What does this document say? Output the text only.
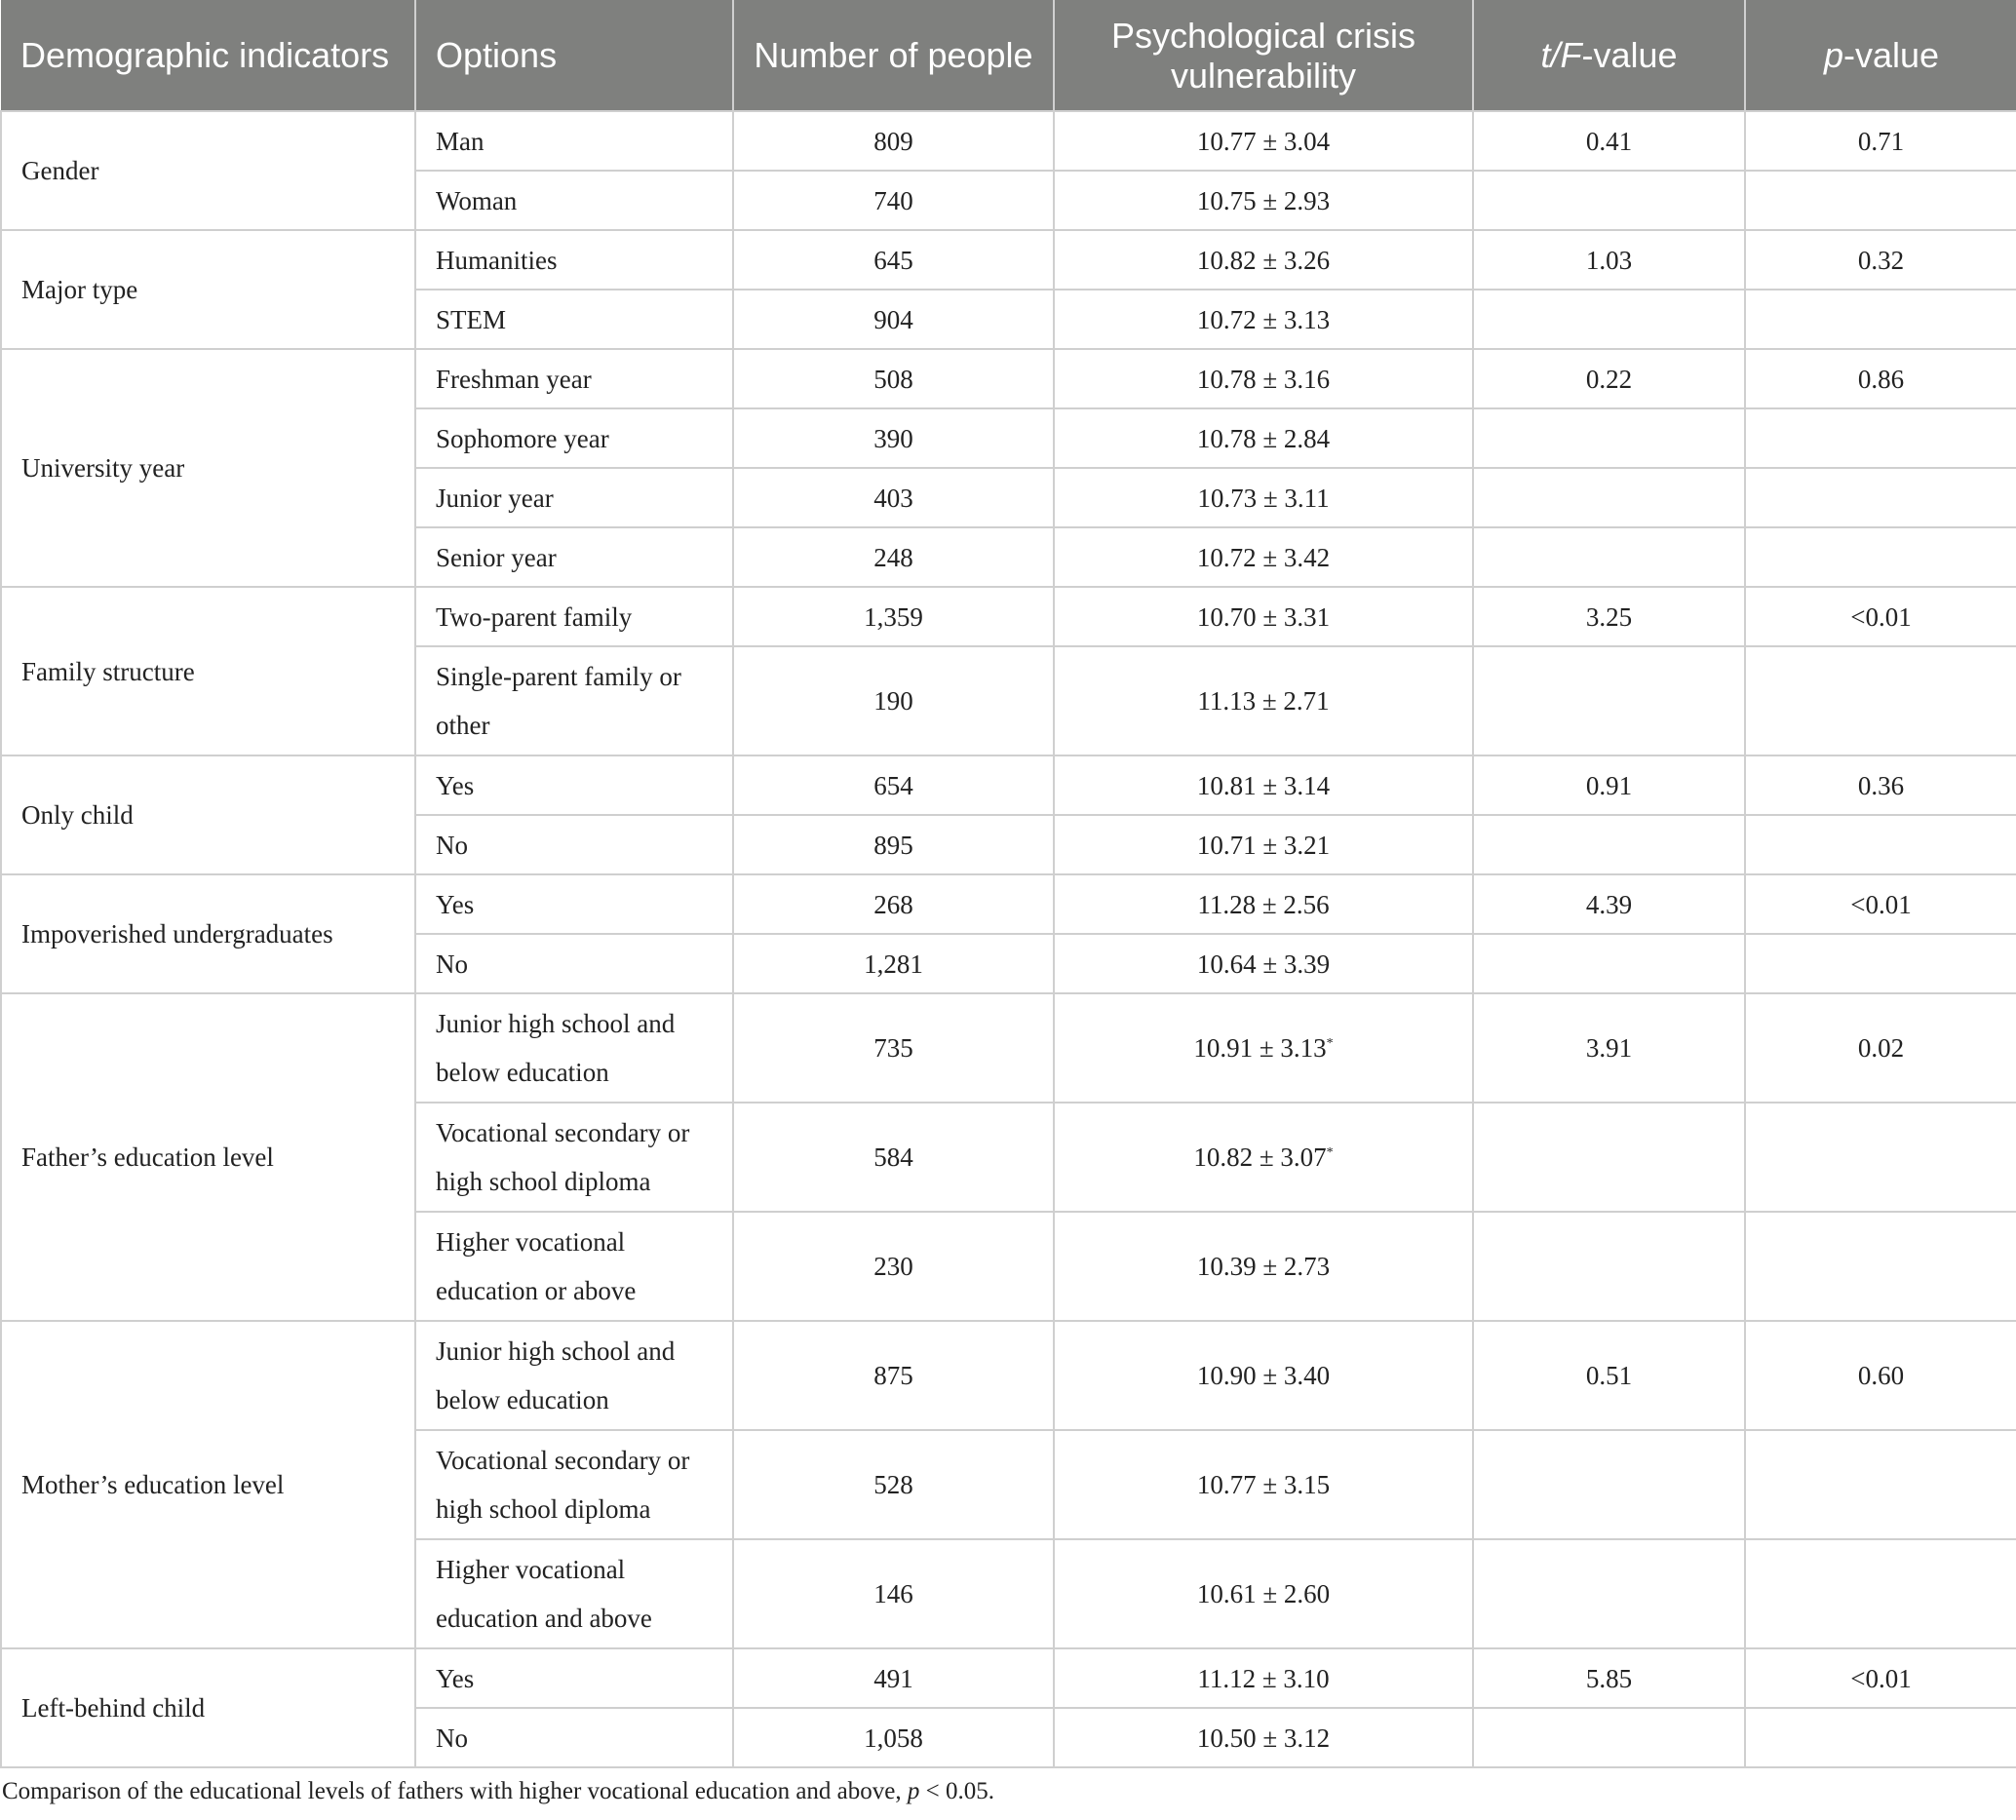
Demographic indicators	Options	Number of people	Psychological crisis vulnerability	t/F-value	p-value
Gender	Man	809	10.77 ± 3.04	0.41	0.71
	Woman	740	10.75 ± 2.93		
Major type	Humanities	645	10.82 ± 3.26	1.03	0.32
	STEM	904	10.72 ± 3.13		
University year	Freshman year	508	10.78 ± 3.16	0.22	0.86
	Sophomore year	390	10.78 ± 2.84		
	Junior year	403	10.73 ± 3.11		
	Senior year	248	10.72 ± 3.42		
Family structure	Two-parent family	1,359	10.70 ± 3.31	3.25	<0.01
	Single-parent family or other	190	11.13 ± 2.71		
Only child	Yes	654	10.81 ± 3.14	0.91	0.36
	No	895	10.71 ± 3.21		
Impoverished undergraduates	Yes	268	11.28 ± 2.56	4.39	<0.01
	No	1,281	10.64 ± 3.39		
Father’s education level	Junior high school and below education	735	10.91 ± 3.13*	3.91	0.02
	Vocational secondary or high school diploma	584	10.82 ± 3.07*		
	Higher vocational education or above	230	10.39 ± 2.73		
Mother’s education level	Junior high school and below education	875	10.90 ± 3.40	0.51	0.60
	Vocational secondary or high school diploma	528	10.77 ± 3.15		
	Higher vocational education and above	146	10.61 ± 2.60		
Left-behind child	Yes	491	11.12 ± 3.10	5.85	<0.01
	No	1,058	10.50 ± 3.12		
Comparison of the educational levels of fathers with higher vocational education and above, p < 0.05.
